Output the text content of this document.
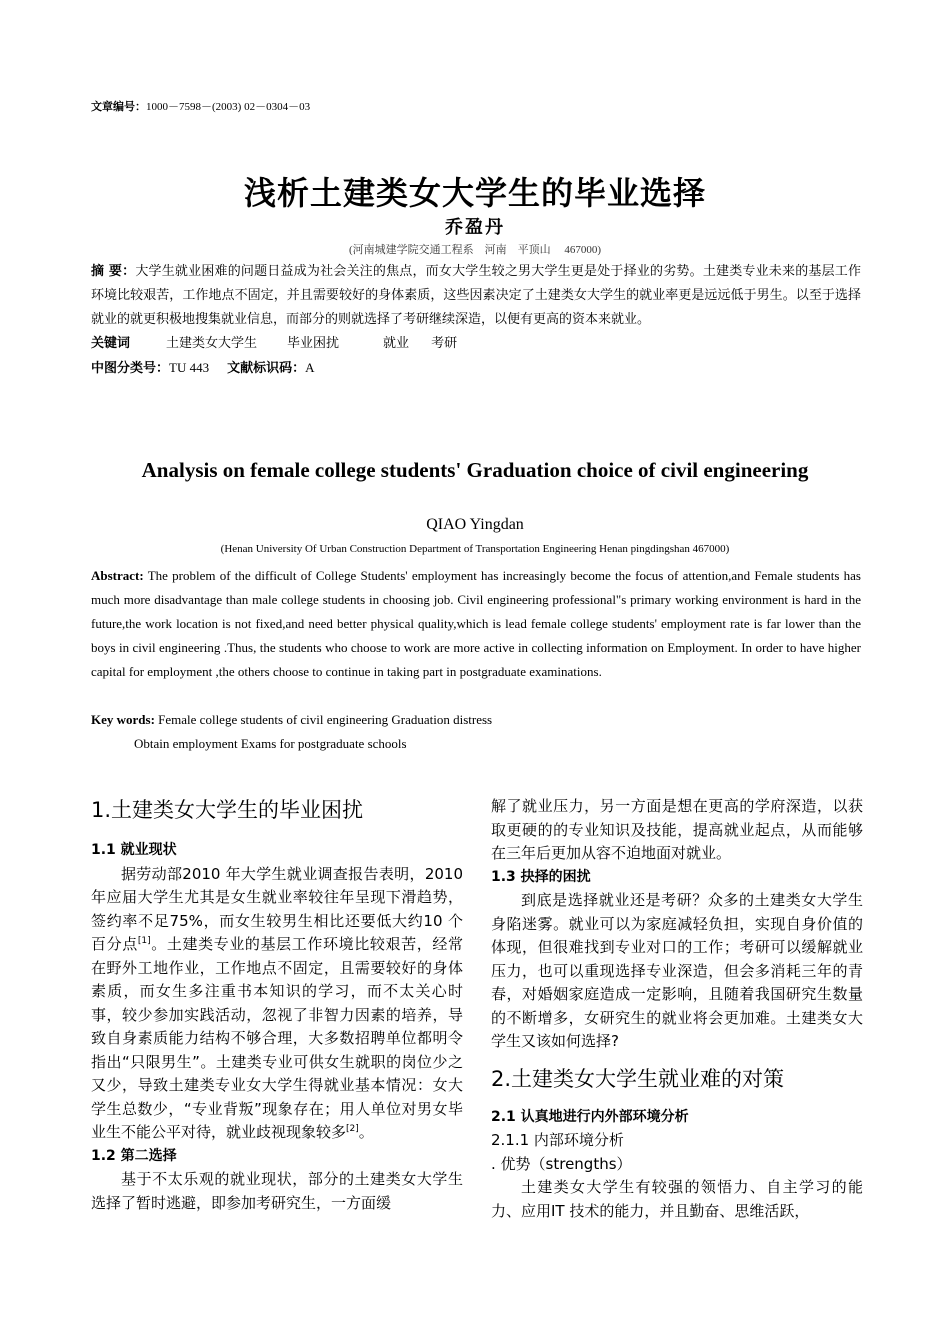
文章编号：1000－7598－(2003) 02－0304－03
浅析土建类女大学生的毕业选择
乔盈丹
(河南城建学院交通工程系　河南　平顶山　 467000)
摘 要：大学生就业困难的问题日益成为社会关注的焦点，而女大学生较之男大学生更是处于择业的劣势。土建类专业未来的基层工作环境比较艰苦，工作地点不固定，并且需要较好的身体素质，这些因素决定了土建类女大学生的就业率更是远远低于男生。以至于选择就业的就更积极地搜集就业信息，而部分的则就选择了考研继续深造，以便有更高的资本来就业。
关键词	土建类女大学生 毕业困扰	就业 考研
中图分类号：TU 443 文献标识码：A
Analysis on female college students' Graduation choice of civil engineering
QIAO Yingdan
(Henan University Of Urban Construction Department of Transportation Engineering Henan pingdingshan 467000)
Abstract: The problem of the difficult of College Students' employment has increasingly become the focus of attention,and Female students has much more disadvantage than male college students in choosing job. Civil engineering professional"s primary working environment is hard in the future,the work location is not fixed,and need better physical quality,which is lead female college students' employment rate is far lower than the boys in civil engineering .Thus, the students who choose to work are more active in collecting information on Employment. In order to have higher capital for employment ,the others choose to continue in taking part in postgraduate examinations.
Key words: Female college students of civil engineering Graduation distress
Obtain employment Exams for postgraduate schools
1.土建类女大学生的毕业困扰
1.1 就业现状
据劳动部2010 年大学生就业调查报告表明，2010 年应届大学生尤其是女生就业率较往年呈现下滑趋势，签约率不足75%，而女生较男生相比还要低大约10 个百分点[1]。土建类专业的基层工作环境比较艰苦，经常在野外工地作业，工作地点不固定，且需要较好的身体素质，而女生多注重书本知识的学习，而不太关心时事，较少参加实践活动，忽视了非智力因素的培养，导致自身素质能力结构不够合理，大多数招聘单位都明令指出“只限男生”。土建类专业可供女生就职的岗位少之又少，导致土建类专业女大学生得就业基本情况：女大学生总数少，“专业背叛”现象存在；用人单位对男女毕业生不能公平对待，就业歧视现象较多[2]。
1.2 第二选择
基于不太乐观的就业现状，部分的土建类女大学生选择了暂时逃避，即参加考研究生，一方面缓
解了就业压力，另一方面是想在更高的学府深造，以获取更硬的的专业知识及技能，提高就业起点，从而能够在三年后更加从容不迫地面对就业。
1.3 抉择的困扰
到底是选择就业还是考研？众多的土建类女大学生身陷迷雾。就业可以为家庭减轻负担，实现自身价值的体现，但很难找到专业对口的工作；考研可以缓解就业压力，也可以重现选择专业深造，但会多消耗三年的青春，对婚姻家庭造成一定影响，且随着我国研究生数量的不断增多，女研究生的就业将会更加难。土建类女大学生又该如何选择?
2.土建类女大学生就业难的对策
2.1 认真地进行内外部环境分析
2.1.1 内部环境分析
. 优势（strengths）
土建类女大学生有较强的领悟力、自主学习的能力、应用IT 技术的能力，并且勤奋、思维活跃，
